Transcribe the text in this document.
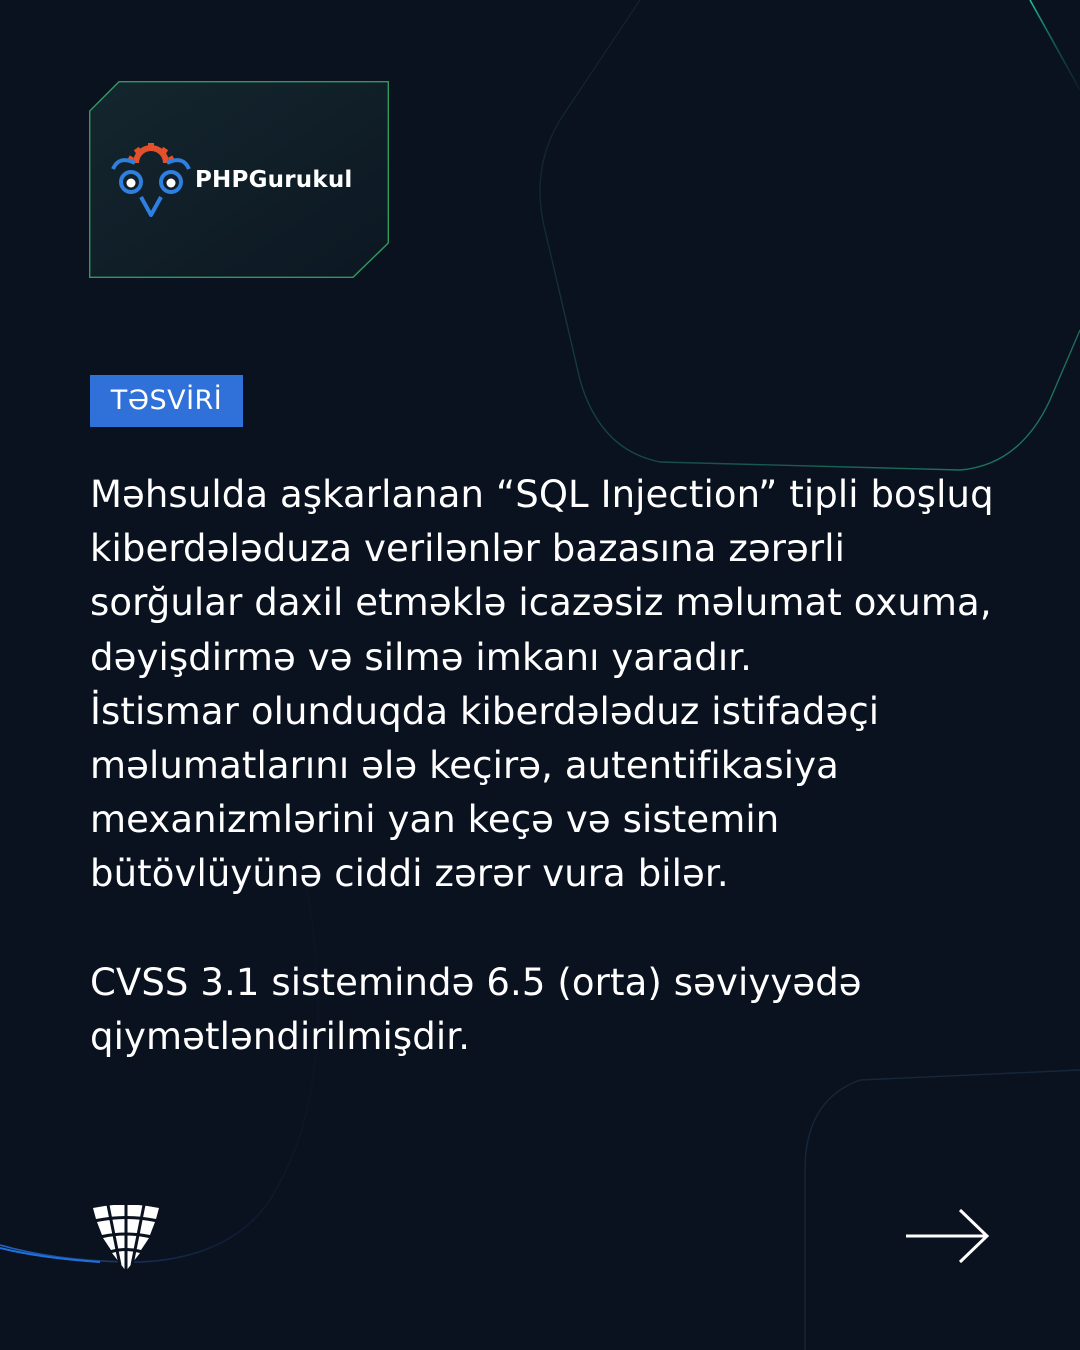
PHPGurukul
TƏSVİRİ

Məhsulda aşkarlanan “SQL Injection” tipli boşluq kiberdələduza verilənlər bazasına zərərli sorğular daxil etməklə icazəsiz məlumat oxuma, dəyişdirmə və silmə imkanı yaradır.

İstismar olunduqda kiberdələduz istifadəçi məlumatlarını ələ keçirə, autentifikasiya mexanizmlərini yan keçə və sistemin bütövlüyünə ciddi zərər vura bilər.

CVSS 3.1 sistemində 6.5 (orta) səviyyədə qiymətləndirilmişdir.
